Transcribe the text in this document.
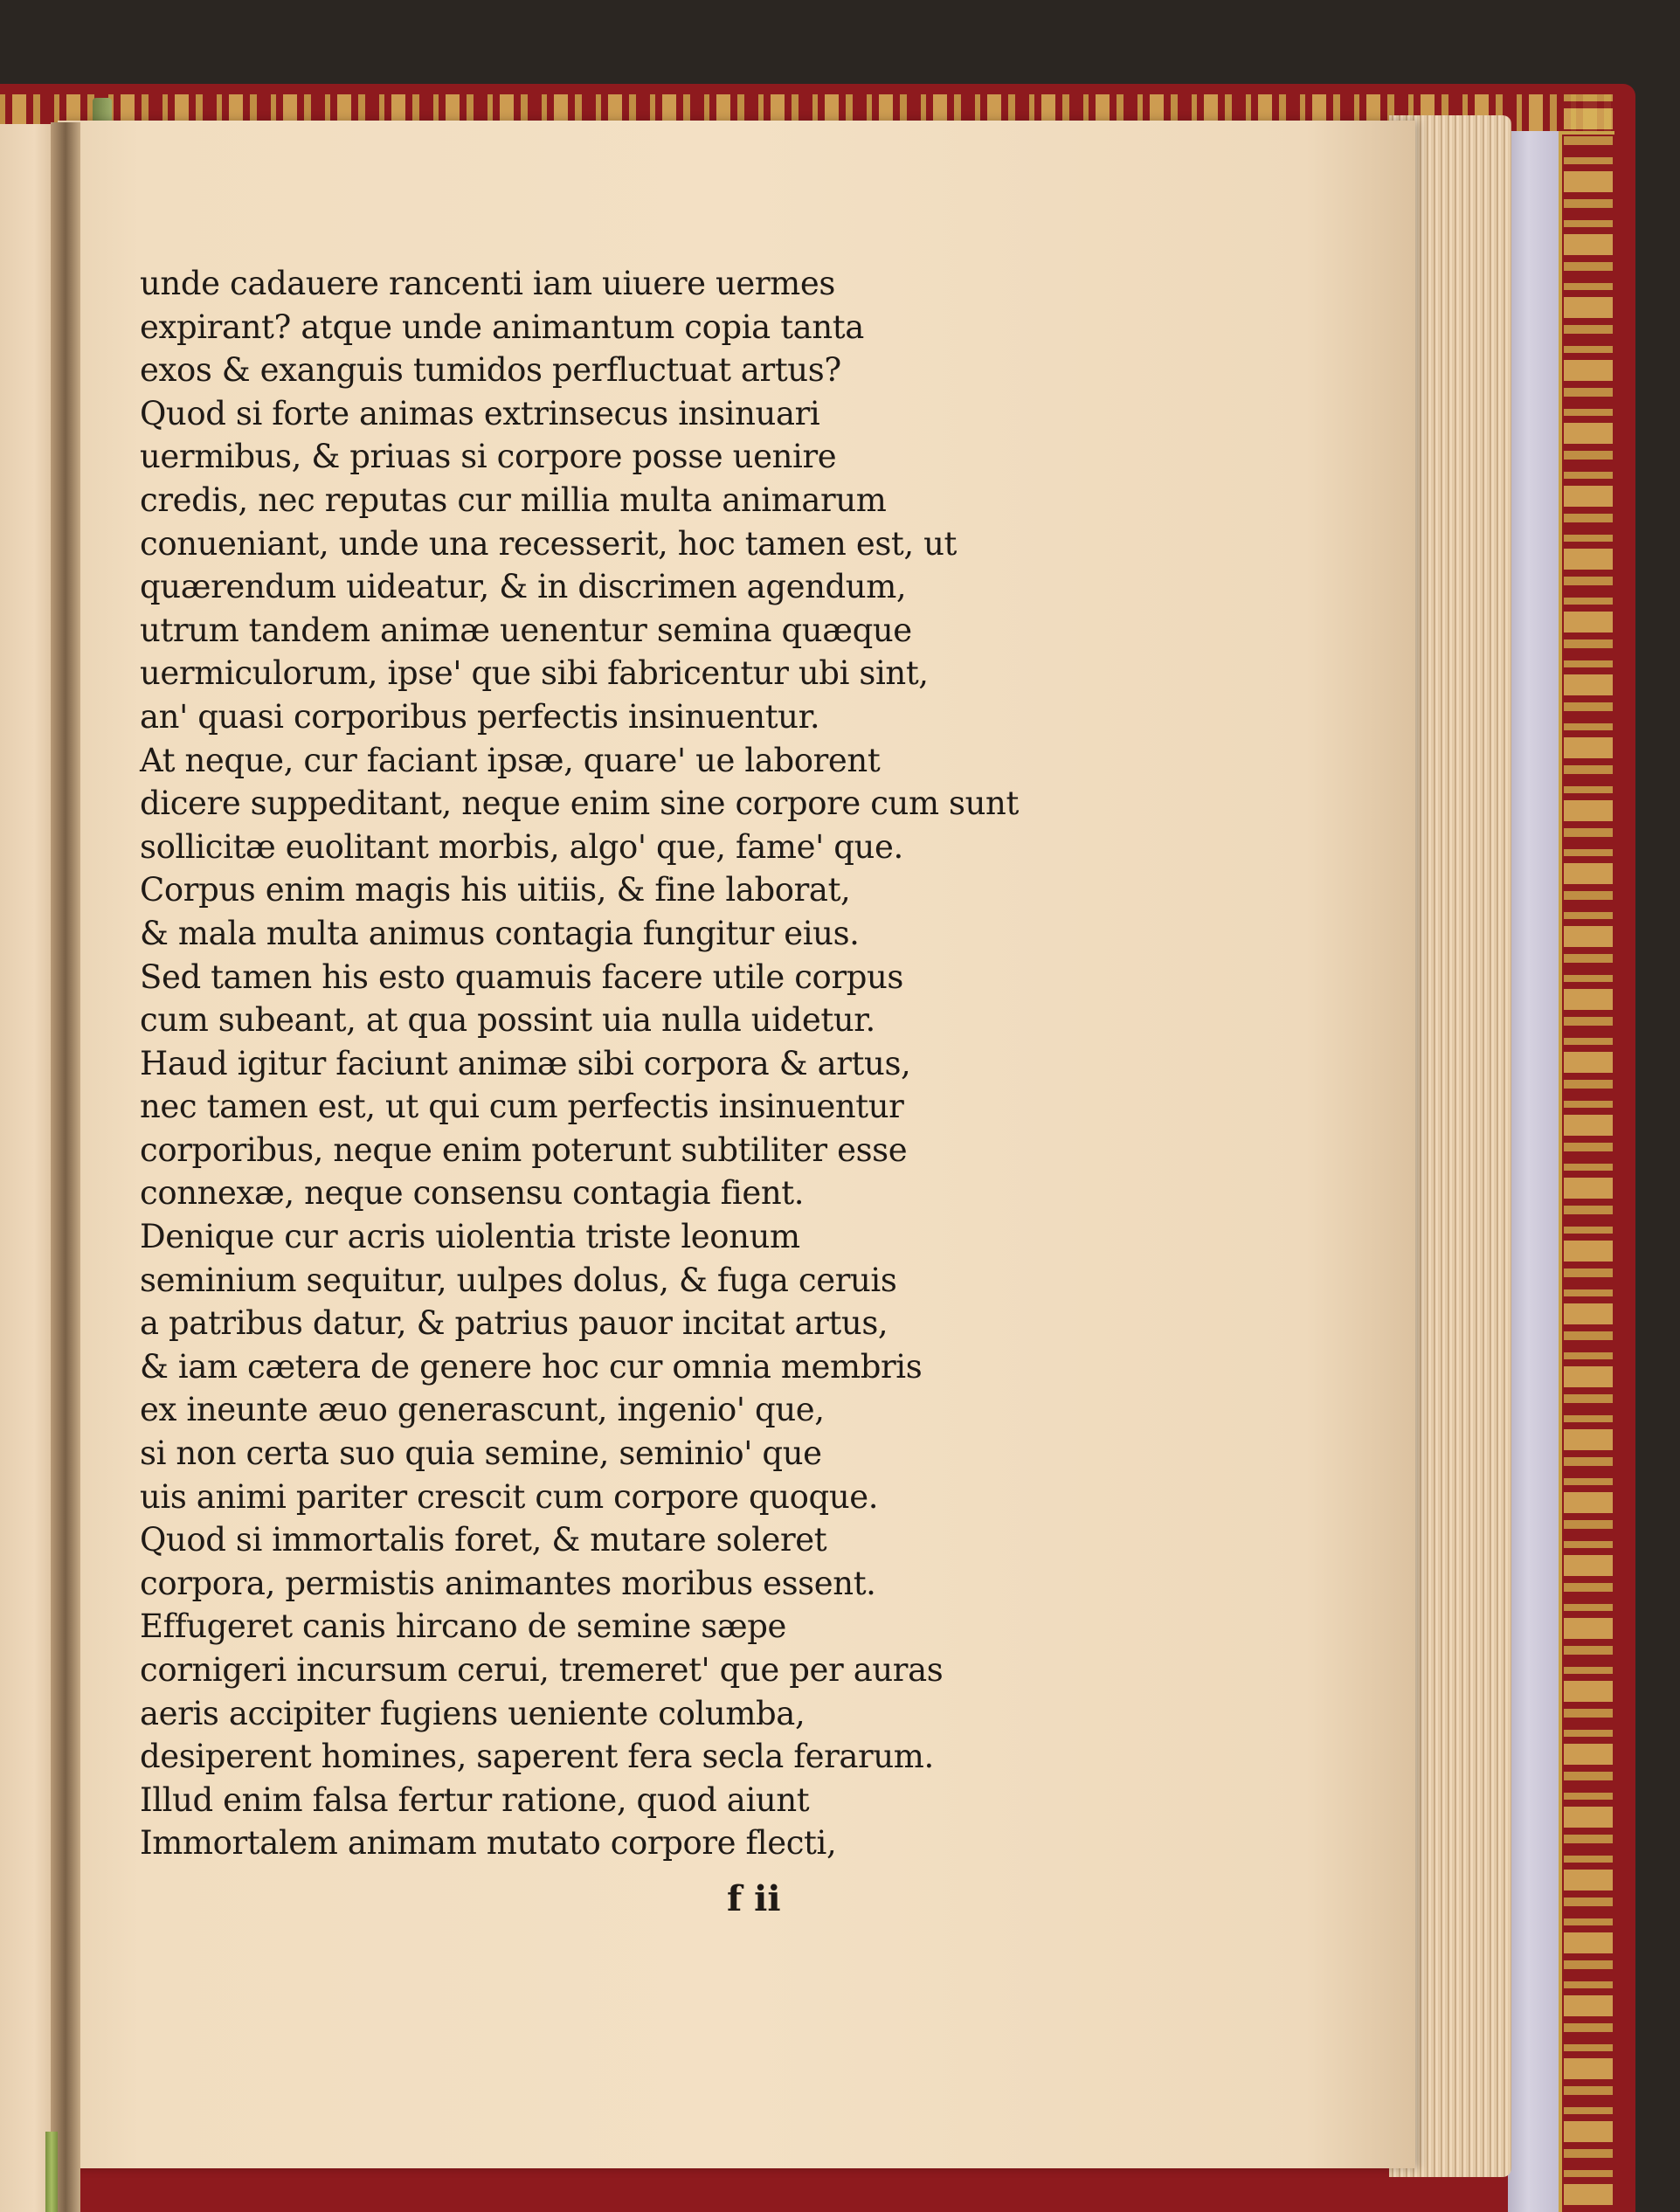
unde cadauere rancenti iam uiuere uermes
expirant? atque unde animantum copia tanta
exos & exanguis tumidos perfluctuat artus?
Quod si forte animas extrinsecus insinuari
uermibus, & priuas si corpore posse uenire
credis, nec reputas cur millia multa animarum
conueniant, unde una recesserit, hoc tamen est, ut
quærendum uideatur, & in discrimen agendum,
utrum tandem animæ uenentur semina quæque
uermiculorum, ipse' que sibi fabricentur ubi sint,
an' quasi corporibus perfectis insinuentur.
At neque, cur faciant ipsæ, quare' ue laborent
dicere suppeditant, neque enim sine corpore cum sunt
sollicitæ euolitant morbis, algo' que, fame' que.
Corpus enim magis his uitiis, & fine laborat,
& mala multa animus contagia fungitur eius.
Sed tamen his esto quamuis facere utile corpus
cum subeant, at qua possint uia nulla uidetur.
Haud igitur faciunt animæ sibi corpora & artus,
nec tamen est, ut qui cum perfectis insinuentur
corporibus, neque enim poterunt subtiliter esse
connexæ, neque consensu contagia fient.
Denique cur acris uiolentia triste leonum
seminium sequitur, uulpes dolus, & fuga ceruis
a patribus datur, & patrius pauor incitat artus,
& iam cætera de genere hoc cur omnia membris
ex ineunte æuo generascunt, ingenio' que,
si non certa suo quia semine, seminio' que
uis animi pariter crescit cum corpore quoque.
Quod si immortalis foret, & mutare soleret
corpora, permistis animantes moribus essent.
Effugeret canis hircano de semine sæpe
cornigeri incursum cerui, tremeret' que per auras
aeris accipiter fugiens ueniente columba,
desiperent homines, saperent fera secla ferarum.
Illud enim falsa fertur ratione, quod aiunt
Immortalem animam mutato corpore flecti,
f ii
